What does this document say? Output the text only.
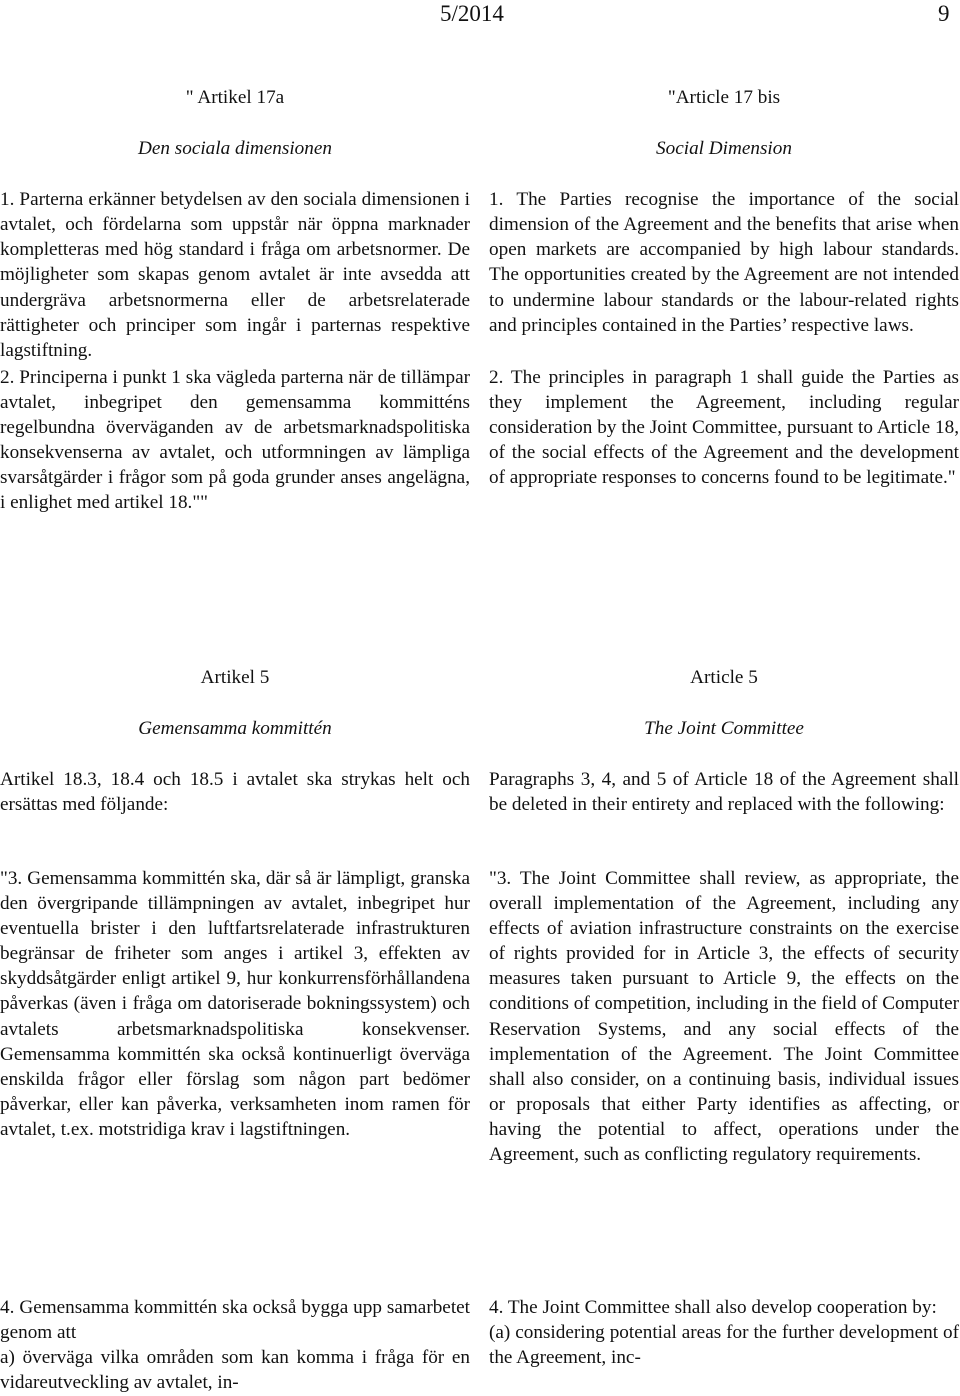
5/2014	9

" Artikel 17a

Den sociala dimensionen

1. Parterna erkänner betydelsen av den sociala dimensionen i avtalet, och fördelarna som uppstår när öppna marknader kompletteras med hög standard i fråga om arbetsnormer. De möjligheter som skapas genom avtalet är inte avsedda att undergräva arbetsnormerna eller de arbetsrelaterade rättigheter och principer som ingår i parternas respektive lagstiftning.

2. Principerna i punkt 1 ska vägleda parterna när de tillämpar avtalet, inbegripet den gemensamma kommitténs regelbundna överväganden av de arbetsmarknadspolitiska konsekvenserna av avtalet, och utformningen av lämpliga svarsåtgärder i frågor som på goda grunder anses angelägna, i enlighet med artikel 18.""

"Article 17 bis

Social Dimension

1. The Parties recognise the importance of the social dimension of the Agreement and the benefits that arise when open markets are accompanied by high labour standards. The opportunities created by the Agreement are not intended to undermine labour standards or the labour-related rights and principles contained in the Parties’ respective laws.

2. The principles in paragraph 1 shall guide the Parties as they implement the Agreement, including regular consideration by the Joint Committee, pursuant to Article 18, of the social effects of the Agreement and the development of appropriate responses to concerns found to be legitimate."

Artikel 5

Gemensamma kommittén

Artikel 18.3, 18.4 och 18.5 i avtalet ska strykas helt och ersättas med följande:

Article 5

The Joint Committee

Paragraphs 3, 4, and 5 of Article 18 of the Agreement shall be deleted in their entirety and replaced with the following:

"3. Gemensamma kommittén ska, där så är lämpligt, granska den övergripande tillämpningen av avtalet, inbegripet hur eventuella brister i den luftfartsrelaterade infrastrukturen begränsar de friheter som anges i artikel 3, effekten av skyddsåtgärder enligt artikel 9, hur konkurrensförhållandena påverkas (även i fråga om datoriserade bokningssystem) och avtalets arbetsmarknadspolitiska konsekvenser. Gemensamma kommittén ska också kontinuerligt överväga enskilda frågor eller förslag som någon part bedömer påverkar, eller kan påverka, verksamheten inom ramen för avtalet, t.ex. motstridiga krav i lagstiftningen.

"3. The Joint Committee shall review, as appropriate, the overall implementation of the Agreement, including any effects of aviation infrastructure constraints on the exercise of rights provided for in Article 3, the effects of security measures taken pursuant to Article 9, the effects on the conditions of competition, including in the field of Computer Reservation Systems, and any social effects of the implementation of the Agreement. The Joint Committee shall also consider, on a continuing basis, individual issues or proposals that either Party identifies as affecting, or having the potential to affect, operations under the Agreement, such as conflicting regulatory requirements.

4. Gemensamma kommittén ska också bygga upp samarbetet genom att

a) överväga vilka områden som kan komma i fråga för en vidareutveckling av avtalet, in-

4. The Joint Committee shall also develop cooperation by:

(a) considering potential areas for the further development of the Agreement, inc-
